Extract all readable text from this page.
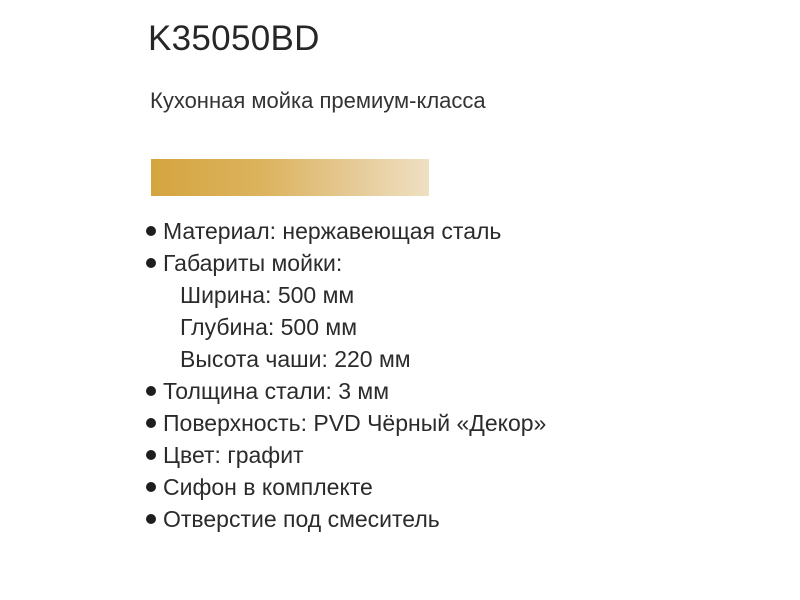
K35050BD
Кухонная мойка премиум-класса
Материал: нержавеющая сталь
Габариты мойки:
Ширина: 500 мм
Глубина: 500 мм
Высота чаши: 220 мм
Толщина стали: 3 мм
Поверхность: PVD Чёрный «Декор»
Цвет: графит
Сифон в комплекте
Отверстие под смеситель
